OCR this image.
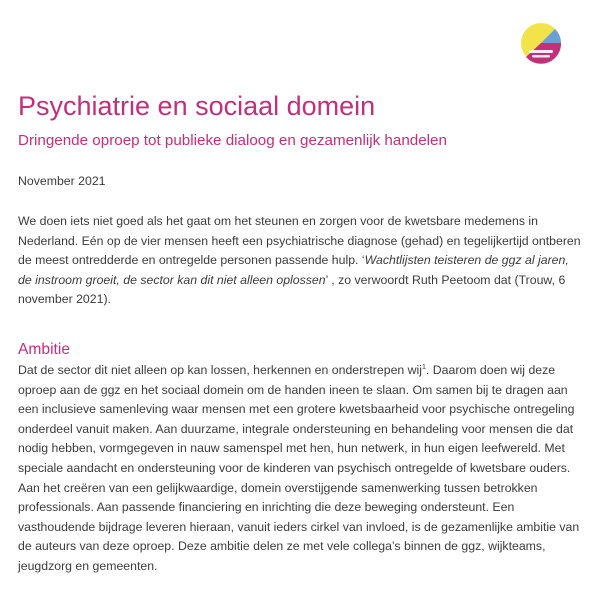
Psychiatrie en sociaal domein
Dringende oproep tot publieke dialoog en gezamenlijk handelen

November 2021

We doen iets niet goed als het gaat om het steunen en zorgen voor de kwetsbare medemens in Nederland. Eén op de vier mensen heeft een psychiatrische diagnose (gehad) en tegelijkertijd ontberen de meest ontredderde en ontregelde personen passende hulp. ‘Wachtlijsten teisteren de ggz al jaren, de instroom groeit, de sector kan dit niet alleen oplossen’ , zo verwoordt Ruth Peetoom dat (Trouw, 6 november 2021).

Ambitie

Dat de sector dit niet alleen op kan lossen, herkennen en onderstrepen wij$^1$. Daarom doen wij deze oproep aan de ggz en het sociaal domein om de handen ineen te slaan. Om samen bij te dragen aan een inclusieve samenleving waar mensen met een grotere kwetsbaarheid voor psychische ontregeling onderdeel vanuit maken. Aan duurzame, integrale ondersteuning en behandeling voor mensen die dat nodig hebben, vormgegeven in nauw samenspel met hen, hun netwerk, in hun eigen leefwereld. Met speciale aandacht en ondersteuning voor de kinderen van psychisch ontregelde of kwetsbare ouders. Aan het creëren van een gelijkwaardige, domein overstijgende samenwerking tussen betrokken professionals. Aan passende financiering en inrichting die deze beweging ondersteunt. Een vasthoudende bijdrage leveren hieraan, vanuit ieders cirkel van invloed, is de gezamenlijke ambitie van de auteurs van deze oproep. Deze ambitie delen ze met vele collega’s binnen de ggz, wijkteams, jeugdzorg en gemeenten.
